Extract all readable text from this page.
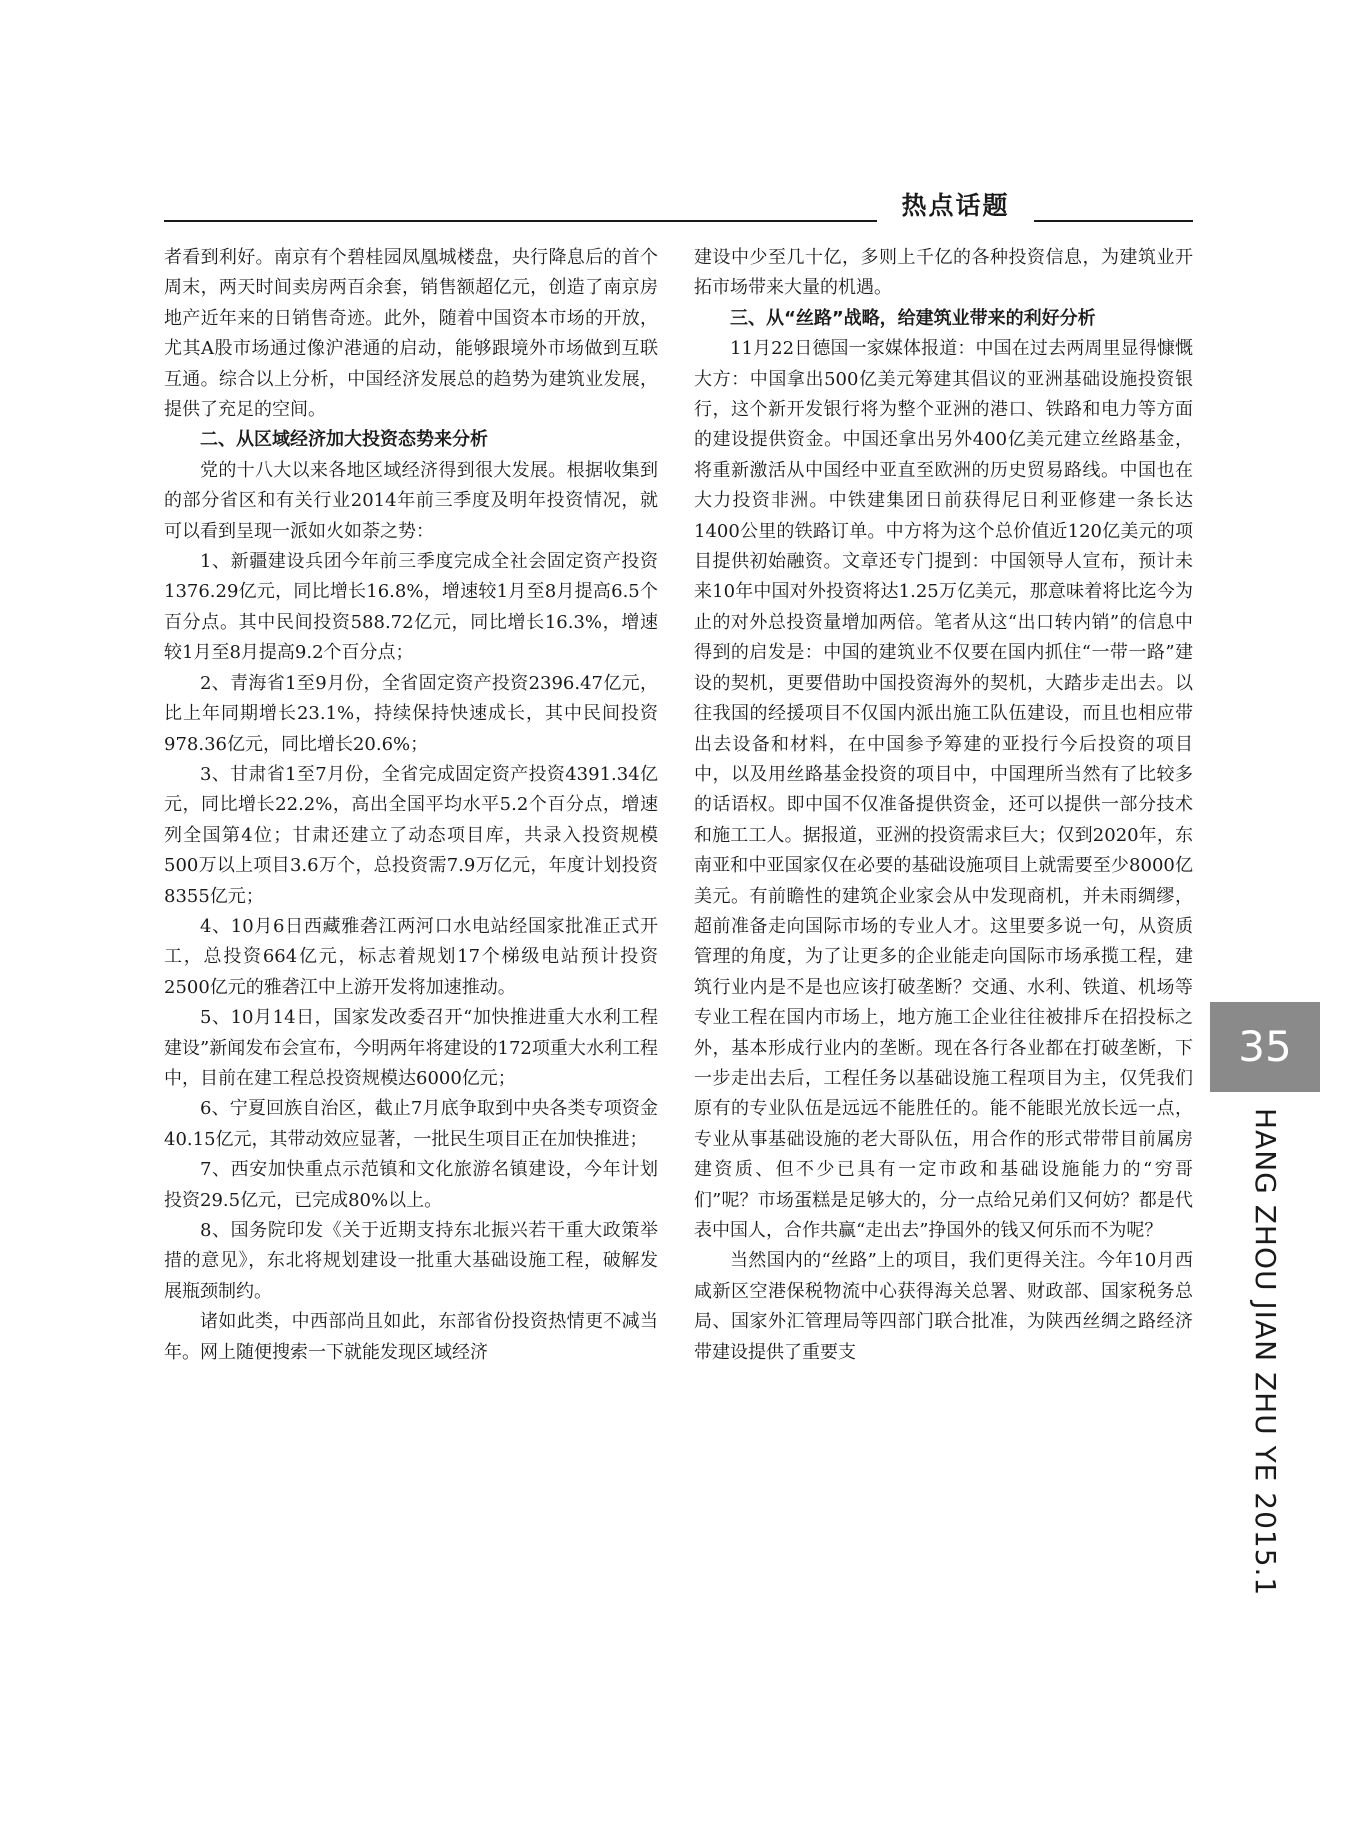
热点话题

者看到利好。南京有个碧桂园凤凰城楼盘，央行降息后的首个周末，两天时间卖房两百余套，销售额超亿元，创造了南京房地产近年来的日销售奇迹。此外，随着中国资本市场的开放，尤其A股市场通过像沪港通的启动，能够跟境外市场做到互联互通。综合以上分析，中国经济发展总的趋势为建筑业发展，提供了充足的空间。

二、从区域经济加大投资态势来分析

党的十八大以来各地区域经济得到很大发展。根据收集到的部分省区和有关行业2014年前三季度及明年投资情况，就可以看到呈现一派如火如荼之势：

1、新疆建设兵团今年前三季度完成全社会固定资产投资1376.29亿元，同比增长16.8%，增速较1月至8月提高6.5个百分点。其中民间投资588.72亿元，同比增长16.3%，增速较1月至8月提高9.2个百分点；

2、青海省1至9月份，全省固定资产投资2396.47亿元，比上年同期增长23.1%，持续保持快速成长，其中民间投资978.36亿元，同比增长20.6%；

3、甘肃省1至7月份，全省完成固定资产投资4391.34亿元，同比增长22.2%，高出全国平均水平5.2个百分点，增速列全国第4位；甘肃还建立了动态项目库，共录入投资规模500万以上项目3.6万个，总投资需7.9万亿元，年度计划投资8355亿元；

4、10月6日西藏雅砻江两河口水电站经国家批准正式开工，总投资664亿元，标志着规划17个梯级电站预计投资2500亿元的雅砻江中上游开发将加速推动。

5、10月14日，国家发改委召开“加快推进重大水利工程建设”新闻发布会宣布，今明两年将建设的172项重大水利工程中，目前在建工程总投资规模达6000亿元；

6、宁夏回族自治区，截止7月底争取到中央各类专项资金40.15亿元，其带动效应显著，一批民生项目正在加快推进；

7、西安加快重点示范镇和文化旅游名镇建设，今年计划投资29.5亿元，已完成80%以上。

8、国务院印发《关于近期支持东北振兴若干重大政策举措的意见》，东北将规划建设一批重大基础设施工程，破解发展瓶颈制约。

诸如此类，中西部尚且如此，东部省份投资热情更不减当年。网上随便搜索一下就能发现区域经济

建设中少至几十亿，多则上千亿的各种投资信息，为建筑业开拓市场带来大量的机遇。

三、从“丝路”战略，给建筑业带来的利好分析

11月22日德国一家媒体报道：中国在过去两周里显得慷慨大方：中国拿出500亿美元筹建其倡议的亚洲基础设施投资银行，这个新开发银行将为整个亚洲的港口、铁路和电力等方面的建设提供资金。中国还拿出另外400亿美元建立丝路基金，将重新激活从中国经中亚直至欧洲的历史贸易路线。中国也在大力投资非洲。中铁建集团日前获得尼日利亚修建一条长达1400公里的铁路订单。中方将为这个总价值近120亿美元的项目提供初始融资。文章还专门提到：中国领导人宣布，预计未来10年中国对外投资将达1.25万亿美元，那意味着将比迄今为止的对外总投资量增加两倍。笔者从这“出口转内销”的信息中得到的启发是：中国的建筑业不仅要在国内抓住“一带一路”建设的契机，更要借助中国投资海外的契机，大踏步走出去。以往我国的经援项目不仅国内派出施工队伍建设，而且也相应带出去设备和材料，在中国参予筹建的亚投行今后投资的项目中，以及用丝路基金投资的项目中，中国理所当然有了比较多的话语权。即中国不仅准备提供资金，还可以提供一部分技术和施工工人。据报道，亚洲的投资需求巨大；仅到2020年，东南亚和中亚国家仅在必要的基础设施项目上就需要至少8000亿美元。有前瞻性的建筑企业家会从中发现商机，并未雨绸缪，超前准备走向国际市场的专业人才。这里要多说一句，从资质管理的角度，为了让更多的企业能走向国际市场承揽工程，建筑行业内是不是也应该打破垄断？交通、水利、铁道、机场等专业工程在国内市场上，地方施工企业往往被排斥在招投标之外，基本形成行业内的垄断。现在各行各业都在打破垄断，下一步走出去后，工程任务以基础设施工程项目为主，仅凭我们原有的专业队伍是远远不能胜任的。能不能眼光放长远一点，专业从事基础设施的老大哥队伍，用合作的形式带带目前属房建资质、但不少已具有一定市政和基础设施能力的“穷哥们”呢？市场蛋糕是足够大的，分一点给兄弟们又何妨？都是代表中国人，合作共赢“走出去”挣国外的钱又何乐而不为呢？

当然国内的“丝路”上的项目，我们更得关注。今年10月西咸新区空港保税物流中心获得海关总署、财政部、国家税务总局、国家外汇管理局等四部门联合批准，为陕西丝绸之路经济带建设提供了重要支

35
HANG ZHOU JIAN ZHU YE 2015.1
